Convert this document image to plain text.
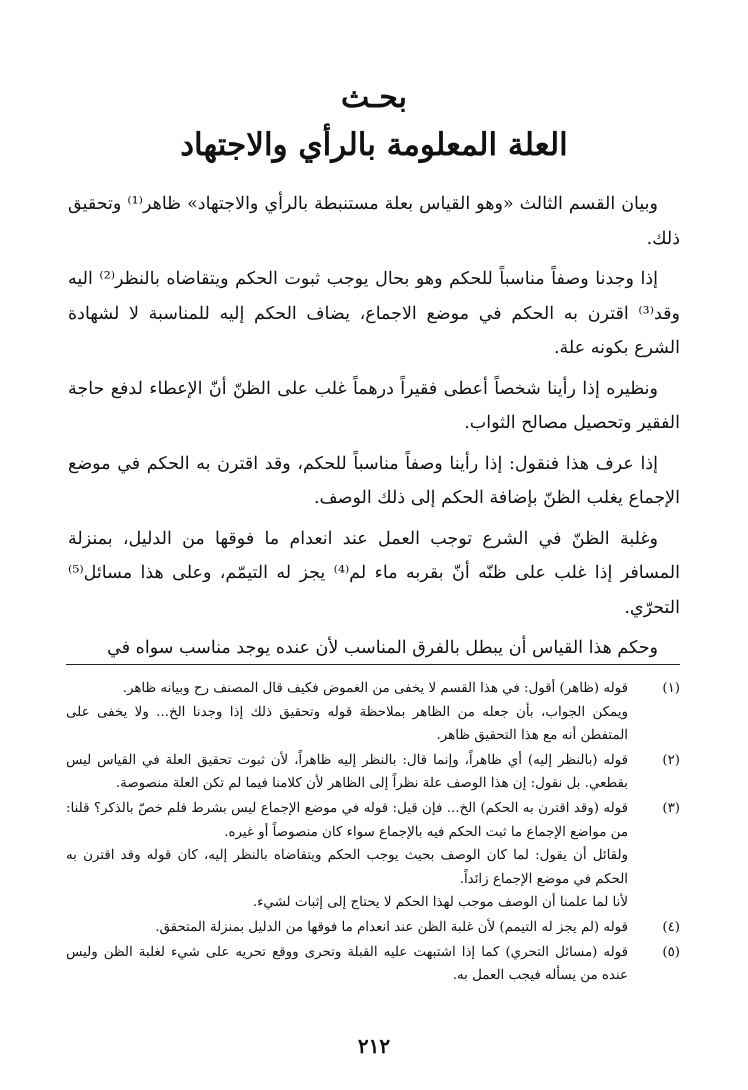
بحـث
العلة المعلومة بالرأي والاجتهاد

وبيان القسم الثالث «وهو القياس بعلة مستنبطة بالرأي والاجتهاد» ظاهر⁽¹⁾ وتحقيق ذلك.

إذا وجدنا وصفاً مناسباً للحكم وهو بحال يوجب ثبوت الحكم ويتقاضاه بالنظر⁽²⁾ اليه وقد⁽³⁾ اقترن به الحكم في موضع الاجماع، يضاف الحكم إليه للمناسبة لا لشهادة الشرع بكونه علة.

ونظيره إذا رأينا شخصاً أعطى فقيراً درهماً غلب على الظنّ أنّ الإعطاء لدفع حاجة الفقير وتحصيل مصالح الثواب.

إذا عرف هذا فنقول: إذا رأينا وصفاً مناسباً للحكم، وقد اقترن به الحكم في موضع الإجماع يغلب الظنّ بإضافة الحكم إلى ذلك الوصف.

وغلبة الظنّ في الشرع توجب العمل عند انعدام ما فوقها من الدليل، بمنزلة المسافر إذا غلب على ظنّه أنّ بقربه ماء لم⁽⁴⁾ يجز له التيمّم، وعلى هذا مسائل⁽⁵⁾ التحرّي.

وحكم هذا القياس أن يبطل بالفرق المناسب لأن عنده يوجد مناسب سواه في

(١)
قوله (ظاهر) أقول: في هذا القسم لا يخفى من الغموض فكيف قال المصنف رح وبيانه ظاهر.
ويمكن الجواب، بأن جعله من الظاهر بملاحظة قوله وتحقيق ذلك إذا وجدنا الخ... ولا يخفى على المتفطن أنه مع هذا التحقيق ظاهر.
(٢)
قوله (بالنظر إليه) أي ظاهراً، وإنما قال: بالنظر إليه ظاهراً، لأن ثبوت تحقيق العلة في القياس ليس بقطعي. بل نقول: إن هذا الوصف علة نظراً إلى الظاهر لأن كلامنا فيما لم تكن العلة منصوصة.
(٣)
قوله (وقد اقترن به الحكم) الخ... فإن قيل: قوله في موضع الإجماع ليس بشرط فلم خصّ بالذكر؟ قلنا: من مواضع الإجماع ما ثبت الحكم فيه بالإجماع سواء كان منصوصاً أو غيره.
ولقائل أن يقول: لما كان الوصف بحيث يوجب الحكم ويتقاضاه بالنظر إليه، كان قوله وقد اقترن به الحكم في موضع الإجماع زائداً.
لأنا لما علمنا أن الوصف موجب لهذا الحكم لا يحتاج إلى إثبات لشيء.
(٤)
قوله (لم يجز له التيمم) لأن غلبة الظن عند انعدام ما فوقها من الدليل بمنزلة المتحقق.
(٥)
قوله (مسائل التحري) كما إذا اشتبهت عليه القبلة وتحرى ووقع تحريه على شيء لغلبة الظن وليس عنده من يسأله فيجب العمل به.
٢١٢
